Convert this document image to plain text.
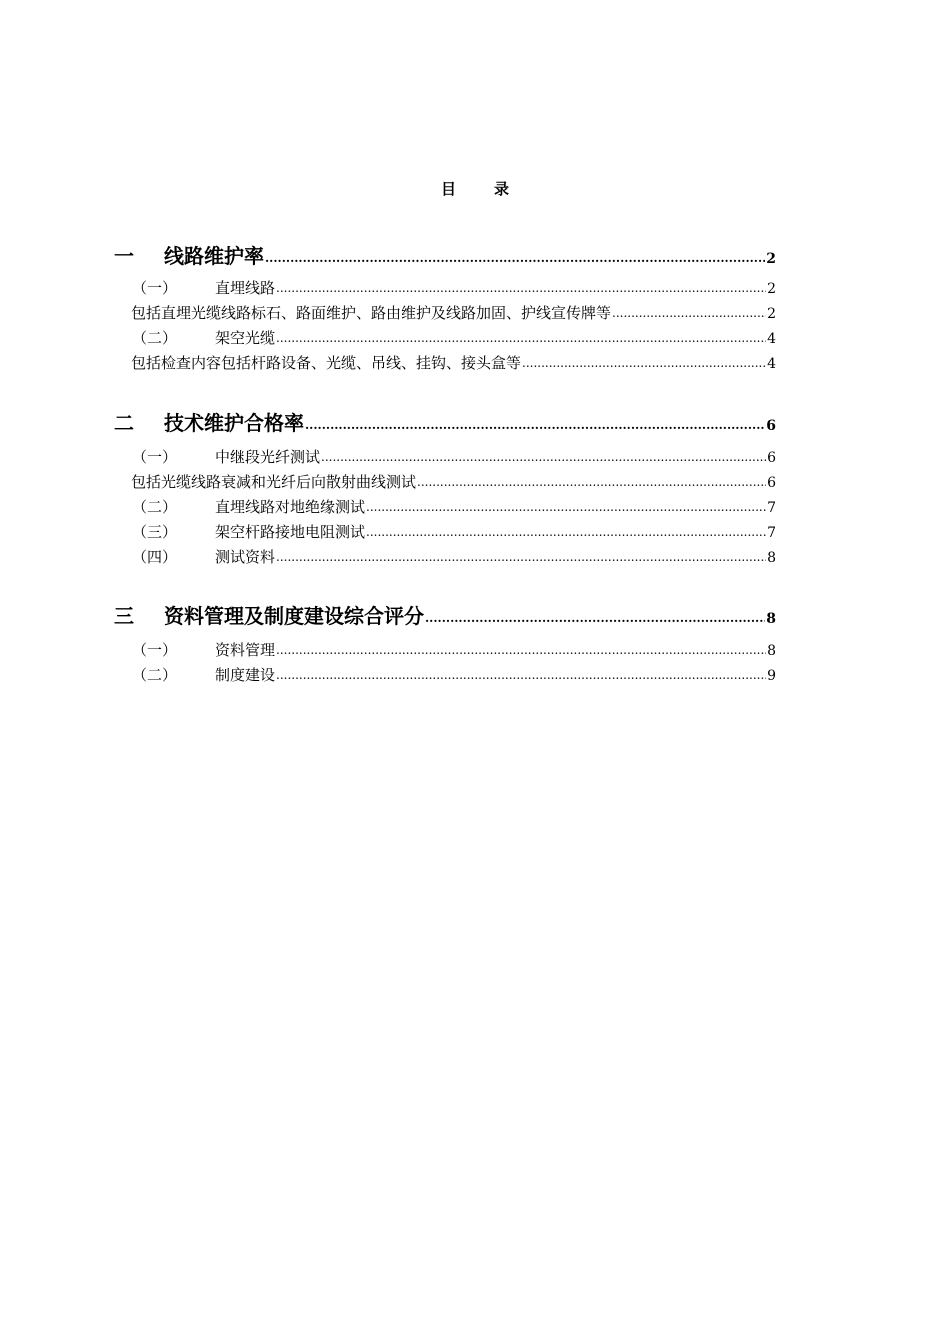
目	录
一 线路维护率 .....	2
（一）	直埋线路 .....	2
包括直埋光缆线路标石、路面维护、路由维护及线路加固、护线宣传牌等 .....	2
（二）	架空光缆 .....	4
包括检查内容包括杆路设备、光缆、吊线、挂钩、接头盒等 .....	4
二 技术维护合格率 .....	6
（一）	中继段光纤测试 .....	6
包括光缆线路衰减和光纤后向散射曲线测试 .....	6
（二）	直埋线路对地绝缘测试 .....	7
（三）	架空杆路接地电阻测试 .....	7
（四）	测试资料 .....	8
三 资料管理及制度建设综合评分 .....	8
（一）	资料管理 .....	8
（二）	制度建设 .....	9
